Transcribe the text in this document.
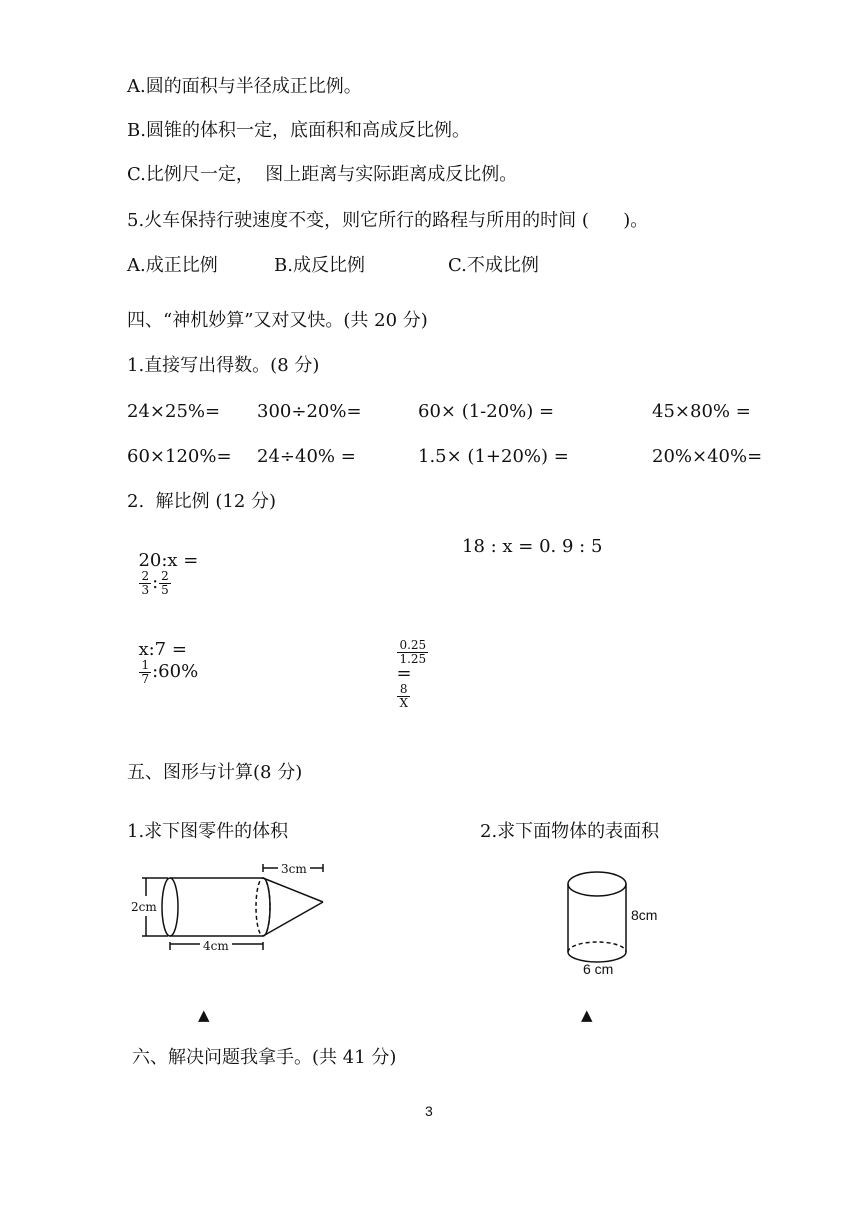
A.圆的面积与半径成正比例。
B.圆锥的体积一定，底面积和高成反比例。
C.比例尺一定，  图上距离与实际距离成反比例。
5.火车保持行驶速度不变，则它所行的路程与所用的时间 (      )。
A.成正比例	B.成反比例	C.不成比例
四、“神机妙算”又对又快。(共 20 分)
1.直接写出得数。(8 分)
24×25%= 300÷20%=	60× (1-20%) =	45×80% =
60×120%= 24÷40% =	1.5× (1+20%) =	20%×40%=
2.  解比例 (12 分)

20:x =

$\frac{2}{3}$ : $\frac{2}{5}$

18 : x = 0. 9 : 5

x:7 =

$\frac{1}{7}$ :60%

$\frac{0.25}{1.25}$

=

$\frac{8}{X}$

五、图形与计算(8 分)
1.求下图零件的体积	2.求下面物体的表面积
2cm
4cm
3cm
8cm
6 cm
▲	▲
六、解决问题我拿手。(共 41 分)
3
